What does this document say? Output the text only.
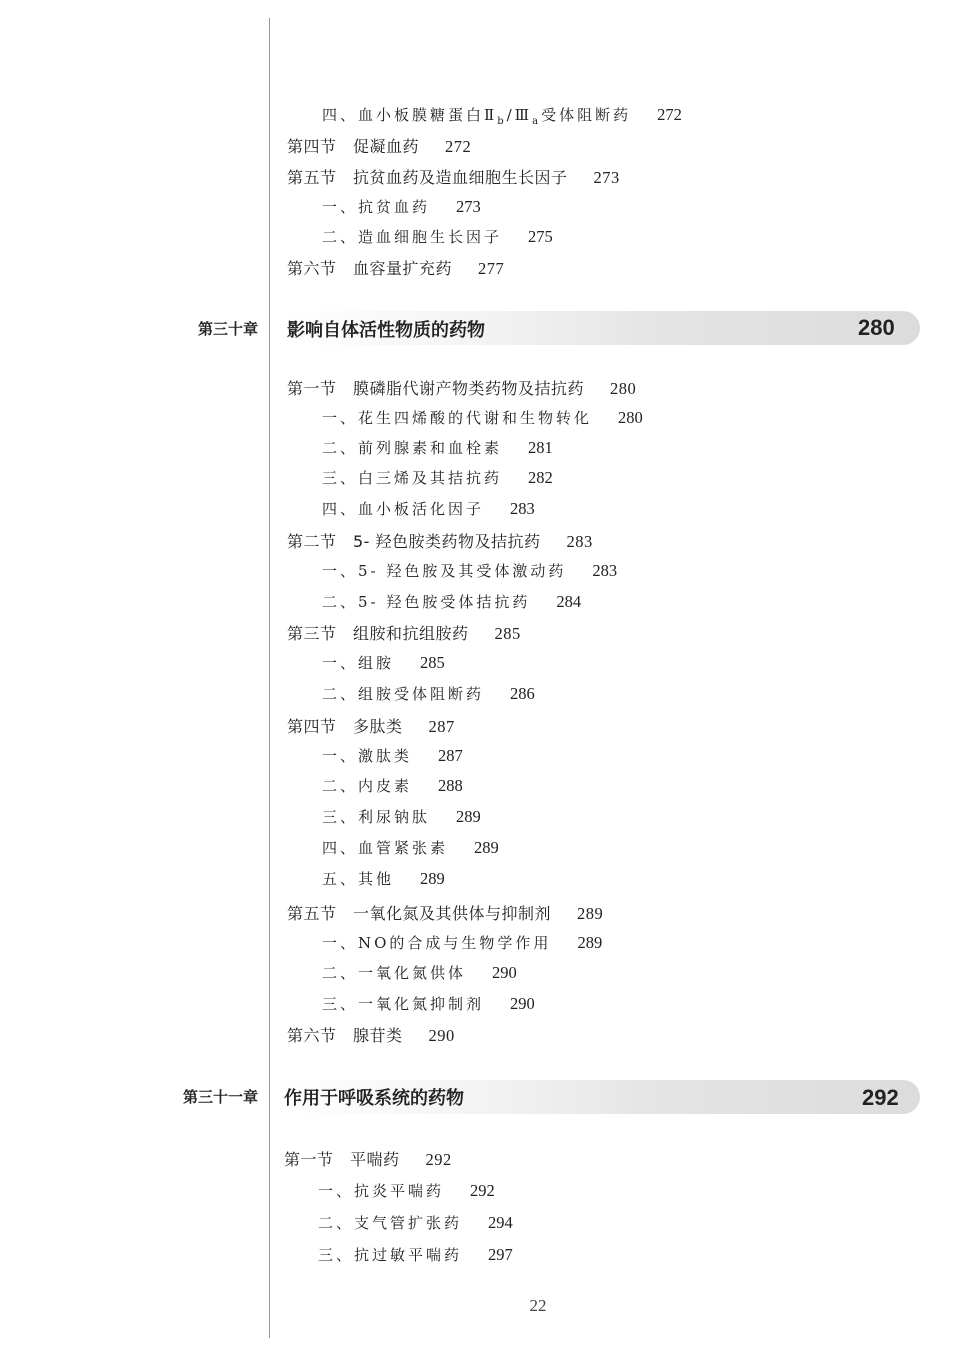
四、血小板膜糖蛋白$Ⅱ_b/Ⅲ_a$受体阻断药 272
第四节 促凝血药 272
第五节 抗贫血药及造血细胞生长因子 273
一、抗贫血药 273
二、造血细胞生长因子 275
第六节 血容量扩充药 277
第三十章 影响自体活性物质的药物	280
第一节 膜磷脂代谢产物类药物及拮抗药 280
一、花生四烯酸的代谢和生物转化 280
二、前列腺素和血栓素 281
三、白三烯及其拮抗药 282
四、血小板活化因子 283
第二节 5- 羟色胺类药物及拮抗药 283
一、5- 羟色胺及其受体激动药 283
二、5- 羟色胺受体拮抗药 284
第三节 组胺和抗组胺药 285
一、组胺 285
二、组胺受体阻断药 286
第四节 多肽类 287
一、激肽类 287
二、内皮素 288
三、利尿钠肽 289
四、血管紧张素 289
五、其他 289
第五节 一氧化氮及其供体与抑制剂 289
一、NO的合成与生物学作用 289
二、一氧化氮供体 290
三、一氧化氮抑制剂 290
第六节 腺苷类 290
第三十一章 作用于呼吸系统的药物	292
第一节 平喘药 292
一、抗炎平喘药 292
二、支气管扩张药 294
三、抗过敏平喘药 297
22
